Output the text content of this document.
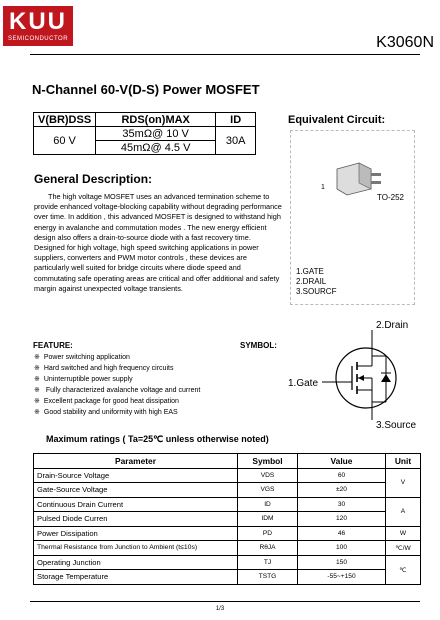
KUU
SEMICONDUCTOR	K3060N
N-Channel 60-V(D-S) Power MOSFET
V(BR)DSS	RDS(on)MAX	ID
60 V	35mΩ@ 10 V	30A
	45mΩ@ 4.5 V	
Equivalent Circuit:
1
TO-252
1.GATE
2.DRAIL
3.SOURCF
General Description:

The high voltage MOSFET uses an advanced termination scheme to provide enhanced voltage-blocking capability without degrading performance over time. In addition , this advanced MOSFET is designed to withstand high energy in avalanche and commutation modes . The new energy efficient design also offers a drain-to-source diode with a fast recovery time. Designed for high voltage, high speed switching applications in power suppliers, converters and PWM motor controls , these devices are particularly well suited for bridge circuits where diode speed and commutating safe operating areas are critical and offer additional and safety margin against unexpected voltage transients.

FEATURE:	SYMBOL:
※ Power switching application
※ Hard switched and high frequency circuits
※ Uninterruptible power supply
※ Fully characterized avalanche voltage and current
※ Excellent package for good heat dissipation
※ Good stability and uniformity with high EAS
2.Drain
1.Gate
3.Source
Maximum ratings ( Ta=25℃ unless otherwise noted)
Parameter	Symbol	Value	Unit
Drain-Source Voltage	VDS	60	V
Gate-Source Voltage	VGS	±20	
Continuous Drain Current	ID	30	A
Pulsed Diode Curren	IDM	120	
Power Dissipation	PD	46	W
Thermal Resistance from Junction to Ambient (t≤10s)	RθJA	100	℃/W
Operating Junction	TJ	150	℃
Storage Temperature	TSTG	-55~+150	
1/3
